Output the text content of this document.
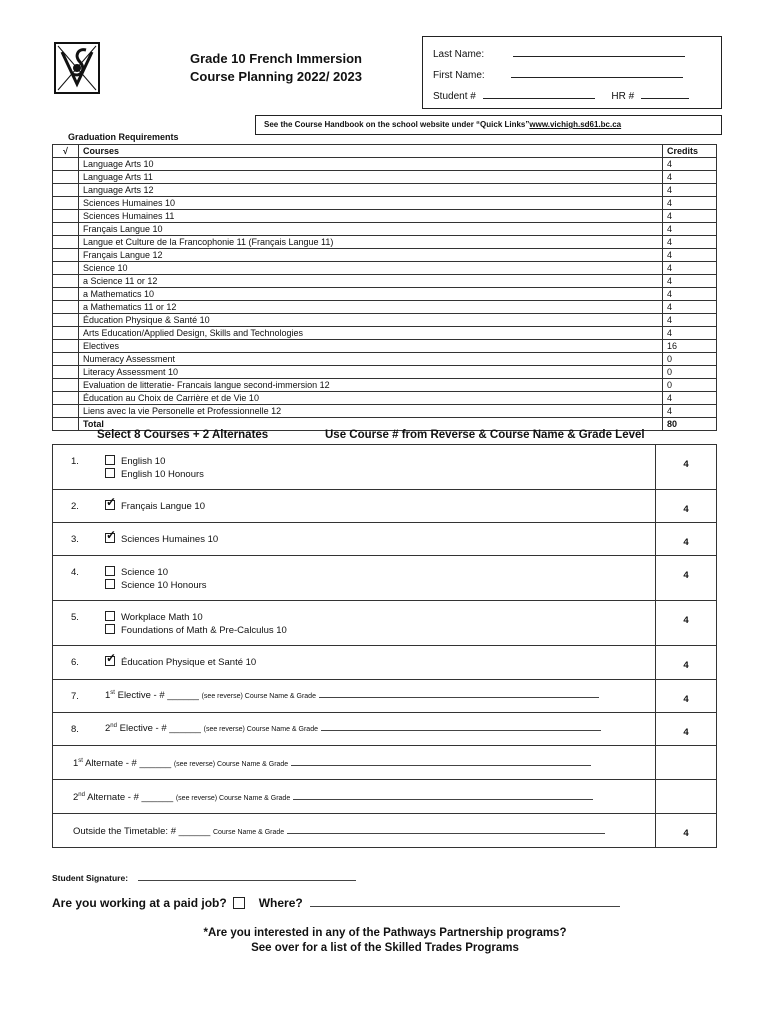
Grade 10 French Immersion
Course Planning 2022/ 2023
Last Name:
First Name:
Student #	HR #
See the Course Handbook on the school website under “Quick Links”www.vichigh.sd61.bc.ca
Graduation Requirements
√	Courses	Credits
	Language Arts 10	4
	Language Arts 11	4
	Language Arts 12	4
	Sciences Humaines 10	4
	Sciences Humaines 11	4
	Français Langue 10	4
	Langue et Culture de la Francophonie 11 (Français Langue 11)	4
	Français Langue 12	4
	Science 10	4
	a Science 11 or 12	4
	a Mathematics 10	4
	a Mathematics 11 or 12	4
	Éducation Physique & Santé 10	4
	Arts Education/Applied Design, Skills and Technologies	4
	Electives	16
	Numeracy Assessment	0
	Literacy Assessment 10	0
	Evaluation de litteratie- Francais langue second-immersion 12	0
	Éducation au Choix de Carrière et de Vie 10	4
	Liens avec la vie Personelle et Professionnelle 12	4
	Total	80
Select 8 Courses + 2 Alternates	Use Course # from Reverse & Course Name & Grade Level
1. English 10
English 10 Honours	4

2. ✓ Français Langue 10	4

3. ✓ Sciences Humaines 10	4

4. Science 10
Science 10 Honours	4

5. Workplace Math 10
Foundations of Math & Pre-Calculus 10	4

6. ✓ Éducation Physique et Santé 10	4

7. 1st Elective - # ______ (see reverse) Course Name & Grade	4

8. 2nd Elective - # ______ (see reverse) Course Name & Grade	4

1st Alternate - # ______ (see reverse) Course Name & Grade	

2nd Alternate - # ______ (see reverse) Course Name & Grade	

Outside the Timetable: # ______ Course Name & Grade	4
Student Signature:
Are you working at a paid job?	Where?
*Are you interested in any of the Pathways Partnership programs?
See over for a list of the Skilled Trades Programs
